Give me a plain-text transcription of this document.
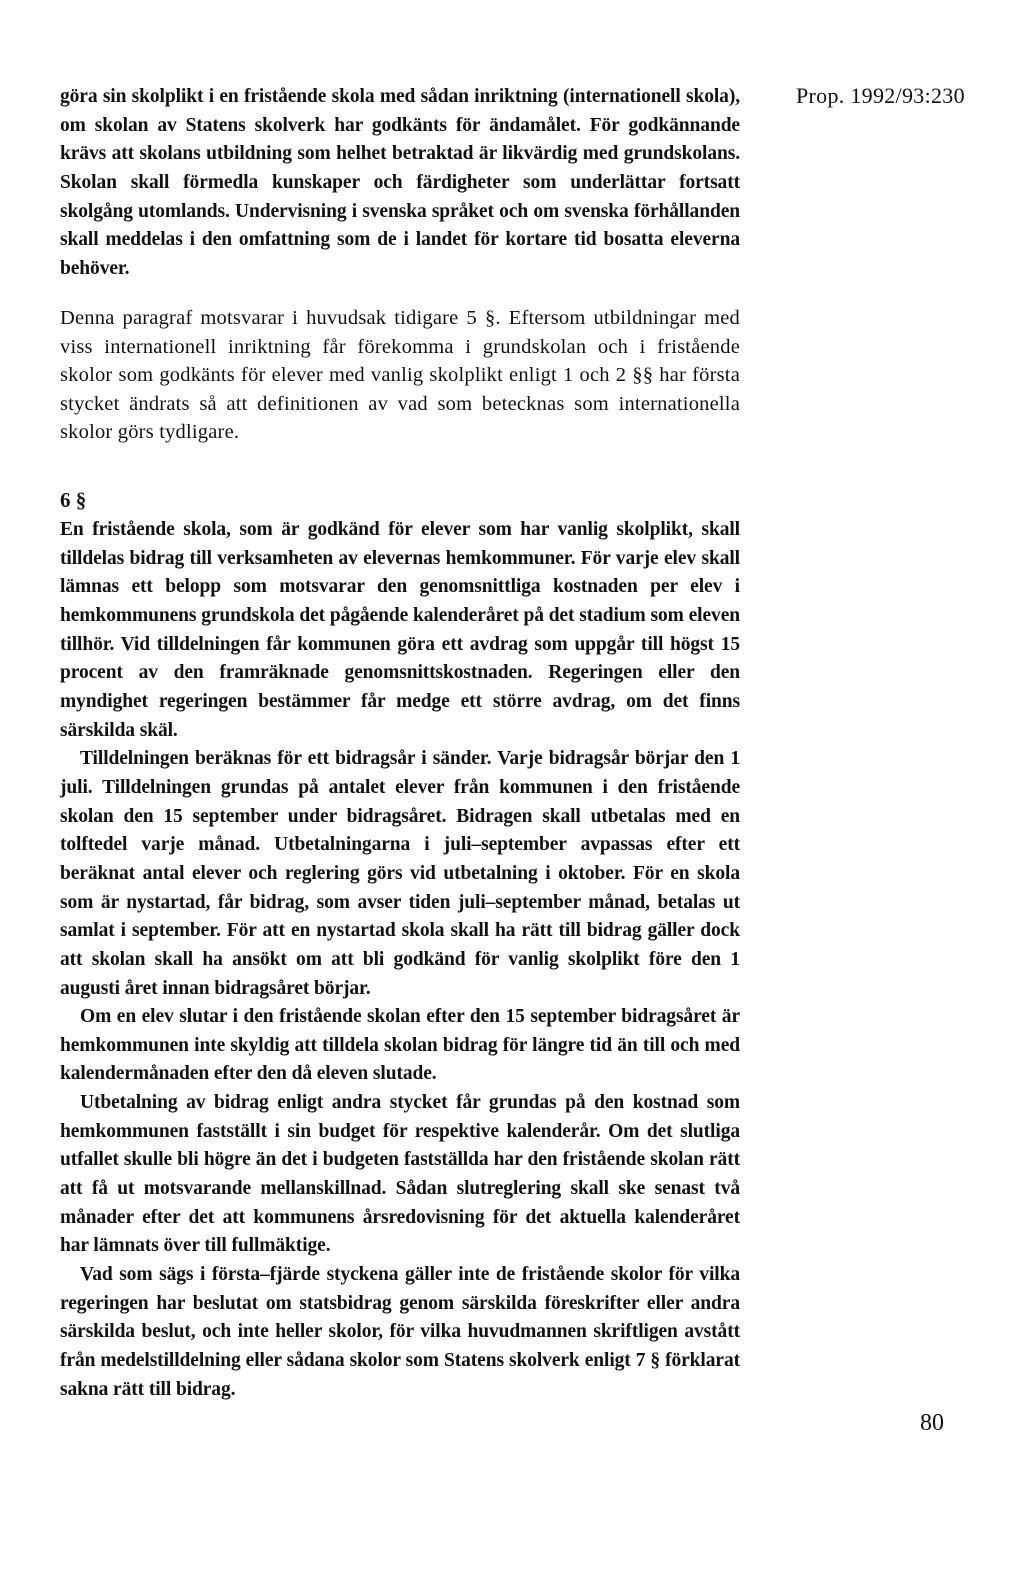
Prop. 1992/93:230

göra sin skolplikt i en fristående skola med sådan inriktning (internationell skola), om skolan av Statens skolverk har godkänts för ändamålet. För godkännande krävs att skolans utbildning som helhet betraktad är likvärdig med grundskolans. Skolan skall förmedla kunskaper och färdigheter som underlättar fortsatt skolgång utomlands. Undervisning i svenska språket och om svenska förhållanden skall meddelas i den omfattning som de i landet för kortare tid bosatta eleverna behöver.

Denna paragraf motsvarar i huvudsak tidigare 5 §. Eftersom utbildningar med viss internationell inriktning får förekomma i grundskolan och i fristående skolor som godkänts för elever med vanlig skolplikt enligt 1 och 2 §§ har första stycket ändrats så att definitionen av vad som betecknas som internationella skolor görs tydligare.

6 §

En fristående skola, som är godkänd för elever som har vanlig skolplikt, skall tilldelas bidrag till verksamheten av elevernas hemkommuner. För varje elev skall lämnas ett belopp som motsvarar den genomsnittliga kostnaden per elev i hemkommunens grundskola det pågående kalenderåret på det stadium som eleven tillhör. Vid tilldelningen får kommunen göra ett avdrag som uppgår till högst 15 procent av den framräknade genomsnittskostnaden. Regeringen eller den myndighet regeringen bestämmer får medge ett större avdrag, om det finns särskilda skäl.

Tilldelningen beräknas för ett bidragsår i sänder. Varje bidragsår börjar den 1 juli. Tilldelningen grundas på antalet elever från kommunen i den fristående skolan den 15 september under bidragsåret. Bidragen skall utbetalas med en tolftedel varje månad. Utbetalningarna i juli–september avpassas efter ett beräknat antal elever och reglering görs vid utbetalning i oktober. För en skola som är nystartad, får bidrag, som avser tiden juli–september månad, betalas ut samlat i september. För att en nystartad skola skall ha rätt till bidrag gäller dock att skolan skall ha ansökt om att bli godkänd för vanlig skolplikt före den 1 augusti året innan bidragsåret börjar.

Om en elev slutar i den fristående skolan efter den 15 september bidragsåret är hemkommunen inte skyldig att tilldela skolan bidrag för längre tid än till och med kalendermånaden efter den då eleven slutade.

Utbetalning av bidrag enligt andra stycket får grundas på den kostnad som hemkommunen fastställt i sin budget för respektive kalenderår. Om det slutliga utfallet skulle bli högre än det i budgeten fastställda har den fristående skolan rätt att få ut motsvarande mellanskillnad. Sådan slutreglering skall ske senast två månader efter det att kommunens årsredovisning för det aktuella kalenderåret har lämnats över till fullmäktige.

Vad som sägs i första–fjärde styckena gäller inte de fristående skolor för vilka regeringen har beslutat om statsbidrag genom särskilda föreskrifter eller andra särskilda beslut, och inte heller skolor, för vilka huvudmannen skriftligen avstått från medelstilldelning eller sådana skolor som Statens skolverk enligt 7 § förklarat sakna rätt till bidrag.

80
